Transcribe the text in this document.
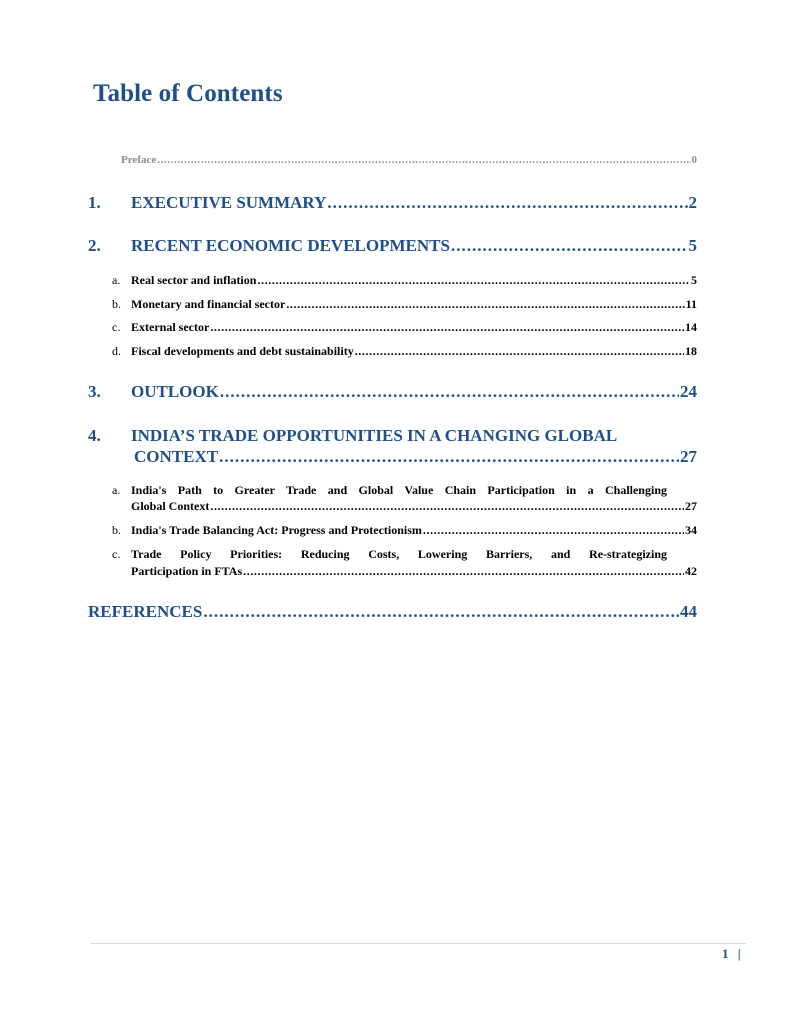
Table of Contents
Preface .....	0
1.	EXECUTIVE SUMMARY .....	2
2.	RECENT ECONOMIC DEVELOPMENTS .....	5
a. Real sector and inflation .....	5
b. Monetary and financial sector .....	11
c. External sector .....	14
d. Fiscal developments and debt sustainability .....	18
3.	OUTLOOK .....	24
4. INDIA’S TRADE OPPORTUNITIES IN A CHANGING GLOBAL
CONTEXT .....	27
a. India's Path to Greater Trade and Global Value Chain Participation in a Challenging
Global Context .....	27
b. India's Trade Balancing Act: Progress and Protectionism .....	34
c. Trade Policy Priorities: Reducing Costs, Lowering Barriers, and Re-strategizing
Participation in FTAs .....	42
REFERENCES .....	44
1 |
